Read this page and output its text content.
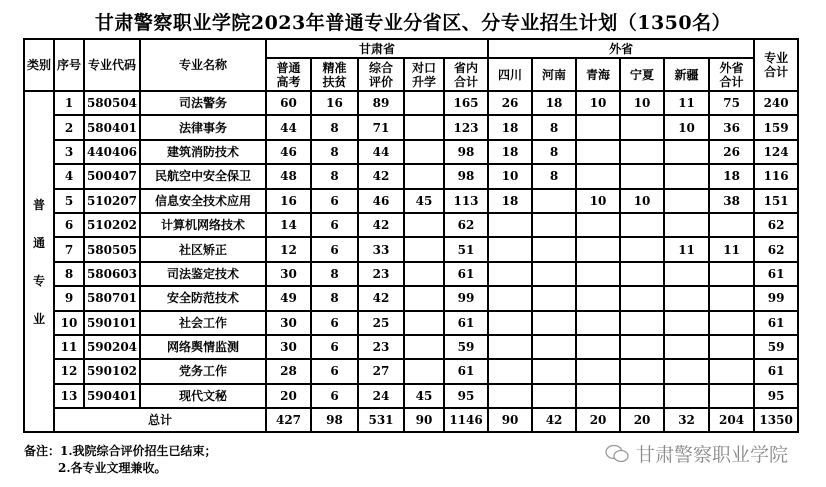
甘肃警察职业学院2023年普通专业分省区、分专业招生计划（1350名）
类别	序号	专业代码	专业名称	甘肃省					外省						专业合计
				普通高考	精准扶贫	综合评价	对口升学	省内合计	四川	河南	青海	宁夏	新疆	外省合计	

普
通
专
业	1	580504	司法警务	60	16	89		165	26	18	10	10	11	75	240
	2	580401	法律事务	44	8	71		123	18	8			10	36	159
	3	440406	建筑消防技术	46	8	44		98	18	8				26	124
	4	500407	民航空中安全保卫	48	8	42		98	10	8				18	116
	5	510207	信息安全技术应用	16	6	46	45	113	18		10	10		38	151
	6	510202	计算机网络技术	14	6	42		62							62
	7	580505	社区矫正	12	6	33		51					11	11	62
	8	580603	司法鉴定技术	30	8	23		61							61
	9	580701	安全防范技术	49	8	42		99							99
	10	590101	社会工作	30	6	25		61							61
	11	590204	网络舆情监测	30	6	23		59							59
	12	590102	党务工作	28	6	27		61							61
	13	590401	现代文秘	20	6	24	45	95							95
	总计			427	98	531	90	1146	90	42	20	20	32	204	1350
备注：1.我院综合评价招生已结束；
2.各专业文理兼收。
甘肃警察职业学院
